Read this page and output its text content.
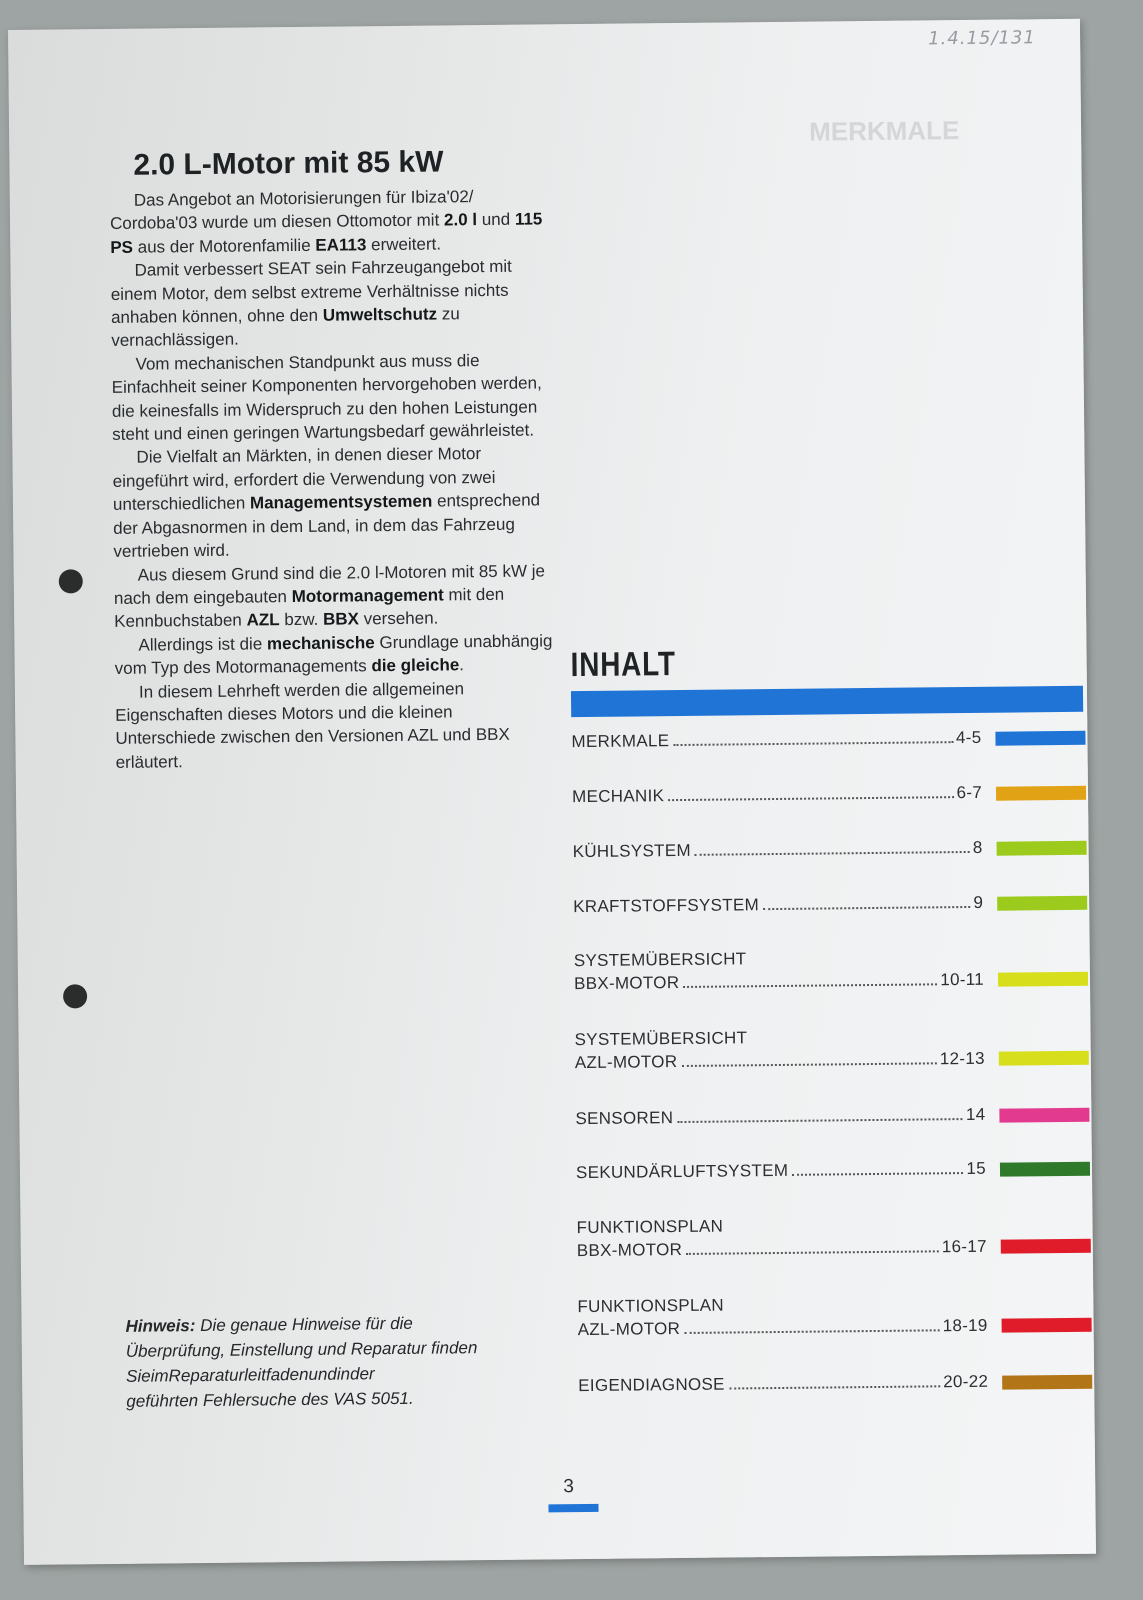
1.4.15/131
MERKMALE
2.0 L-Motor mit 85 kW

Das Angebot an Motorisierungen für Ibiza'02/ Cordoba'03 wurde um diesen Ottomotor mit 2.0 l und 115 PS aus der Motorenfamilie EA113 erweitert.

Damit verbessert SEAT sein Fahrzeugangebot mit einem Motor, dem selbst extreme Verhältnisse nichts anhaben können, ohne den Umweltschutz zu vernachlässigen.

Vom mechanischen Standpunkt aus muss die Einfachheit seiner Komponenten hervorgehoben werden, die keinesfalls im Widerspruch zu den hohen Leistungen steht und einen geringen Wartungsbedarf gewährleistet.

Die Vielfalt an Märkten, in denen dieser Motor eingeführt wird, erfordert die Verwendung von zwei unterschiedlichen Managementsystemen entsprechend der Abgasnormen in dem Land, in dem das Fahrzeug vertrieben wird.

Aus diesem Grund sind die 2.0 l-Motoren mit 85 kW je nach dem eingebauten Motormanagement mit den Kennbuchstaben AZL bzw. BBX versehen.

Allerdings ist die mechanische Grundlage unabhängig vom Typ des Motormanagements die gleiche.

In diesem Lehrheft werden die allgemeinen Eigenschaften dieses Motors und die kleinen Unterschiede zwischen den Versionen AZL und BBX erläutert.

Hinweis: Die genaue Hinweise für die
Überprüfung, Einstellung und Reparatur finden
SieimReparaturleitfadenundinder
geführten Fehlersuche des VAS 5051.
INHALT
MERKMALE	4-5
MECHANIK	6-7
KÜHLSYSTEM	8
KRAFTSTOFFSYSTEM	9
SYSTEMÜBERSICHT
BBX-MOTOR	10-11
SYSTEMÜBERSICHT
AZL-MOTOR	12-13
SENSOREN	14
SEKUNDÄRLUFTSYSTEM	15
FUNKTIONSPLAN
BBX-MOTOR	16-17
FUNKTIONSPLAN
AZL-MOTOR	18-19
EIGENDIAGNOSE	20-22
3
